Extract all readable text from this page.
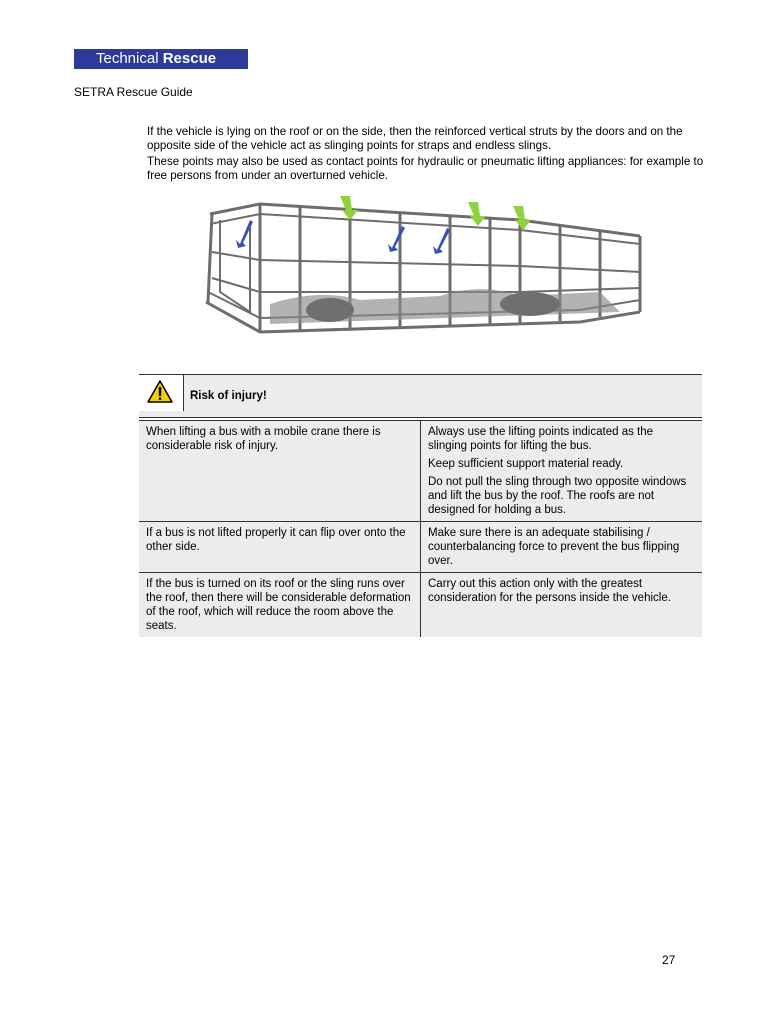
Technical Rescue
SETRA Rescue Guide

If the vehicle is lying on the roof or on the side, then the reinforced vertical struts by the doors and on the opposite side of the vehicle act as slinging points for straps and endless slings.

These points may also be used as contact points for hydraulic or pneumatic lifting appliances: for example to free persons from under an overturned vehicle.

Risk of injury!

When lifting a bus with a mobile crane there is considerable risk of injury.

Always use the lifting points indicated as the slinging points for lifting the bus.

Keep sufficient support material ready.

Do not pull the sling through two opposite windows and lift the bus by the roof. The roofs are not designed for holding a bus.

If a bus is not lifted properly it can flip over onto the other side.

Make sure there is an adequate stabilising / counterbalancing force to prevent the bus flipping over.

If the bus is turned on its roof or the sling runs over the roof, then there will be considerable deformation of the roof, which will reduce the room above the seats.

Carry out this action only with the greatest consideration for the persons inside the vehicle.

27
